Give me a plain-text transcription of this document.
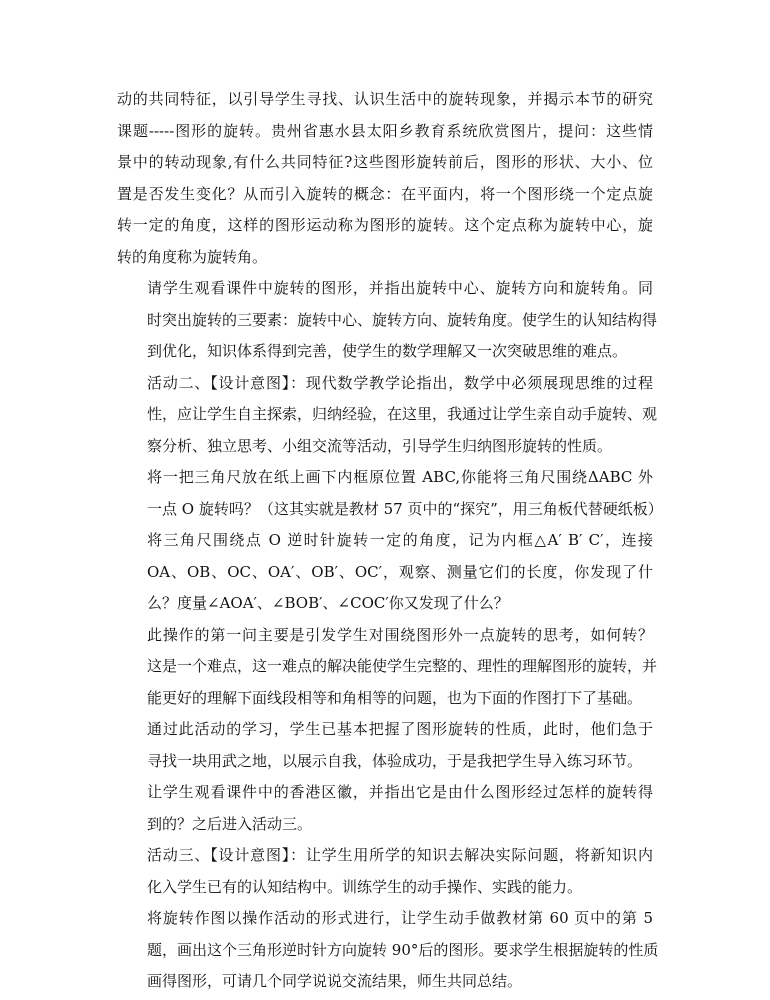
动的共同特征，以引导学生寻找、认识生活中的旋转现象，并揭示本节的研究
课题-----图形的旋转。贵州省惠水县太阳乡教育系统欣赏图片，提问：这些情
景中的转动现象,有什么共同特征?这些图形旋转前后，图形的形状、大小、位
置是否发生变化？从而引入旋转的概念：在平面内，将一个图形绕一个定点旋
转一定的角度，这样的图形运动称为图形的旋转。这个定点称为旋转中心，旋
转的角度称为旋转角。
请学生观看课件中旋转的图形，并指出旋转中心、旋转方向和旋转角。同
时突出旋转的三要素：旋转中心、旋转方向、旋转角度。使学生的认知结构得
到优化，知识体系得到完善，使学生的数学理解又一次突破思维的难点。
活动二、【设计意图】：现代数学教学论指出，数学中必须展现思维的过程
性，应让学生自主探索，归纳经验，在这里，我通过让学生亲自动手旋转、观
察分析、独立思考、小组交流等活动，引导学生归纳图形旋转的性质。
将一把三角尺放在纸上画下内框原位置 ABC,你能将三角尺围绕ΔABC 外
一点 O 旋转吗？（这其实就是教材 57 页中的“探究”，用三角板代替硬纸板）
将三角尺围绕点 O 逆时针旋转一定的角度，记为内框△A′ B′ C′，连接
OA、OB、OC、OA′、OB′、OC′，观察、测量它们的长度，你发现了什
么？度量∠AOA′、∠BOB′、∠COC′你又发现了什么？
此操作的第一问主要是引发学生对围绕图形外一点旋转的思考，如何转？
这是一个难点，这一难点的解决能使学生完整的、理性的理解图形的旋转，并
能更好的理解下面线段相等和角相等的问题，也为下面的作图打下了基础。
通过此活动的学习，学生已基本把握了图形旋转的性质，此时，他们急于
寻找一块用武之地，以展示自我，体验成功，于是我把学生导入练习环节。
让学生观看课件中的香港区徽，并指出它是由什么图形经过怎样的旋转得
到的？之后进入活动三。
活动三、【设计意图】：让学生用所学的知识去解决实际问题，将新知识内
化入学生已有的认知结构中。训练学生的动手操作、实践的能力。
将旋转作图以操作活动的形式进行，让学生动手做教材第 60 页中的第 5
题，画出这个三角形逆时针方向旋转 90°后的图形。要求学生根据旋转的性质
画得图形，可请几个同学说说交流结果，师生共同总结。
